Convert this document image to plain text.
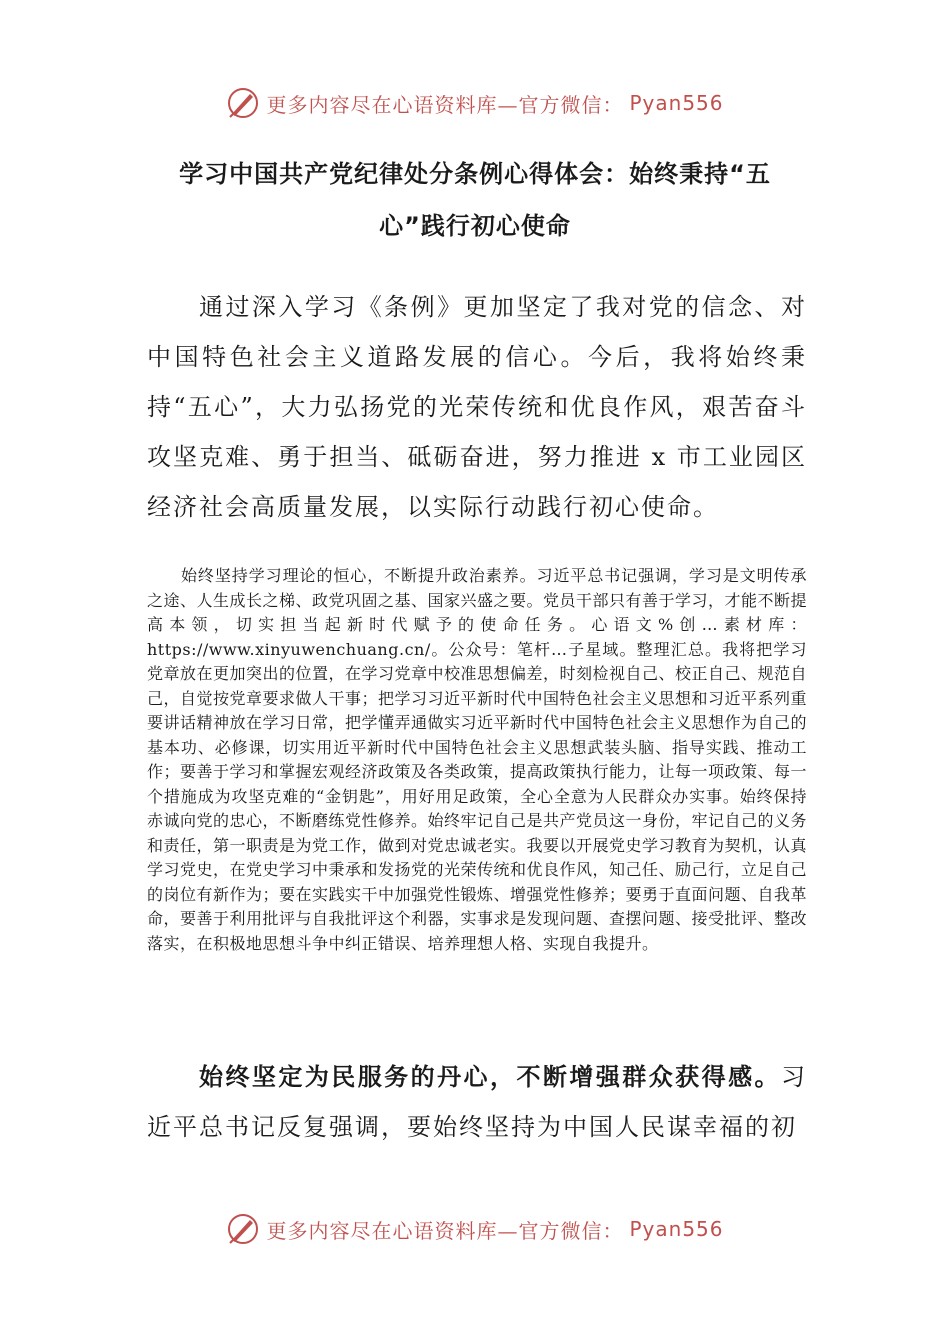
更多内容尽在心语资料库—官方微信： Pyan556
学习中国共产党纪律处分条例心得体会：始终秉持“五
心”践行初心使命

通过深入学习《条例》更加坚定了我对党的信念、对中国特色社会主义道路发展的信心。今后，我将始终秉持“五心”，大力弘扬党的光荣传统和优良作风，艰苦奋斗攻坚克难、勇于担当、砥砺奋进，努力推进 x 市工业园区经济社会高质量发展，以实际行动践行初心使命。

始终坚持学习理论的恒心，不断提升政治素养。习近平总书记强调，学习是文明传承之途、人生成长之梯、政党巩固之基、国家兴盛之要。党员干部只有善于学习，才能不断提高本领，切实担当起新时代赋予的使命任务。心语文%创…素材库：https://www.xinyuwenchuang.cn/。公众号：笔杆…子星域。整理汇总。我将把学习党章放在更加突出的位置，在学习党章中校准思想偏差，时刻检视自己、校正自己、规范自己，自觉按党章要求做人干事；把学习习近平新时代中国特色社会主义思想和习近平系列重要讲话精神放在学习日常，把学懂弄通做实习近平新时代中国特色社会主义思想作为自己的基本功、必修课，切实用近平新时代中国特色社会主义思想武装头脑、指导实践、推动工作；要善于学习和掌握宏观经济政策及各类政策，提高政策执行能力，让每一项政策、每一个措施成为攻坚克难的“金钥匙”，用好用足政策，全心全意为人民群众办实事。始终保持赤诚向党的忠心，不断磨练党性修养。始终牢记自己是共产党员这一身份，牢记自己的义务和责任，第一职责是为党工作，做到对党忠诚老实。我要以开展党史学习教育为契机，认真学习党史，在党史学习中秉承和发扬党的光荣传统和优良作风，知己任、励己行，立足自己的岗位有新作为；要在实践实干中加强党性锻炼、增强党性修养；要勇于直面问题、自我革命，要善于利用批评与自我批评这个利器，实事求是发现问题、查摆问题、接受批评、整改落实，在积极地思想斗争中纠正错误、培养理想人格、实现自我提升。

始终坚定为民服务的丹心，不断增强群众获得感。习近平总书记反复强调，要始终坚持为中国人民谋幸福的初

更多内容尽在心语资料库—官方微信： Pyan556
